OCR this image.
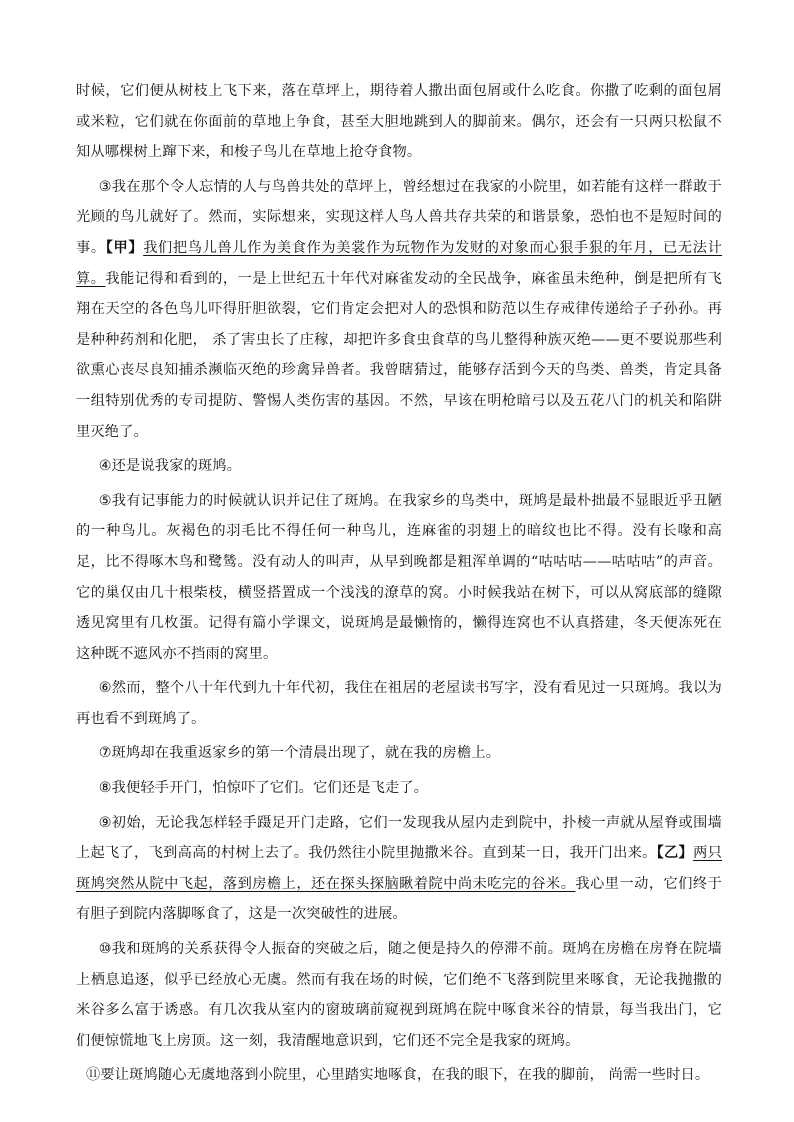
时候，它们便从树枝上飞下来，落在草坪上，期待着人撒出面包屑或什么吃食。你撒了吃剩的面包屑或米粒，它们就在你面前的草地上争食，甚至大胆地跳到人的脚前来。偶尔，还会有一只两只松鼠不知从哪棵树上蹿下来，和梭子鸟儿在草地上抢夺食物。

③我在那个令人忘情的人与鸟兽共处的草坪上，曾经想过在我家的小院里，如若能有这样一群敢于光顾的鸟儿就好了。然而，实际想来，实现这样人鸟人兽共存共荣的和谐景象，恐怕也不是短时间的事。【甲】我们把鸟儿兽儿作为美食作为美裳作为玩物作为发财的对象而心狠手狠的年月，已无法计算。我能记得和看到的，一是上世纪五十年代对麻雀发动的全民战争，麻雀虽未绝种，倒是把所有飞翔在天空的各色鸟儿吓得肝胆欲裂，它们肯定会把对人的恐惧和防范以生存戒律传递给子子孙孙。再是种种药剂和化肥， 杀了害虫长了庄稼，却把许多食虫食草的鸟儿整得种族灭绝——更不要说那些利欲熏心丧尽良知捕杀濒临灭绝的珍禽异兽者。我曾瞎猜过，能够存活到今天的鸟类、兽类，肯定具备一组特别优秀的专司提防、警惕人类伤害的基因。不然，早该在明枪暗弓以及五花八门的机关和陷阱里灭绝了。

④还是说我家的斑鸠。

⑤我有记事能力的时候就认识并记住了斑鸠。在我家乡的鸟类中，斑鸠是最朴拙最不显眼近乎丑陋的一种鸟儿。灰褐色的羽毛比不得任何一种鸟儿，连麻雀的羽翅上的暗纹也比不得。没有长喙和高足，比不得啄木鸟和鹭鸶。没有动人的叫声，从早到晚都是粗浑单调的“咕咕咕——咕咕咕”的声音。它的巢仅由几十根柴枝，横竖搭置成一个浅浅的潦草的窝。小时候我站在树下，可以从窝底部的缝隙透见窝里有几枚蛋。记得有篇小学课文，说斑鸠是最懒惰的，懒得连窝也不认真搭建，冬天便冻死在这种既不遮风亦不挡雨的窝里。

⑥然而，整个八十年代到九十年代初，我住在祖居的老屋读书写字，没有看见过一只斑鸠。我以为再也看不到斑鸠了。

⑦斑鸠却在我重返家乡的第一个清晨出现了，就在我的房檐上。

⑧我便轻手开门，怕惊吓了它们。它们还是飞走了。

⑨初始，无论我怎样轻手蹑足开门走路，它们一发现我从屋内走到院中，扑棱一声就从屋脊或围墙上起飞了，飞到高高的村树上去了。我仍然往小院里抛撒米谷。直到某一日，我开门出来。【乙】两只斑鸠突然从院中飞起，落到房檐上，还在探头探脑瞅着院中尚未吃完的谷米。我心里一动，它们终于有胆子到院内落脚啄食了，这是一次突破性的进展。

⑩我和斑鸠的关系获得令人振奋的突破之后，随之便是持久的停滞不前。斑鸠在房檐在房脊在院墙上栖息追逐，似乎已经放心无虞。然而有我在场的时候，它们绝不飞落到院里来啄食，无论我抛撒的米谷多么富于诱惑。有几次我从室内的窗玻璃前窥视到斑鸠在院中啄食米谷的情景，每当我出门，它们便惊慌地飞上房顶。这一刻，我清醒地意识到，它们还不完全是我家的斑鸠。

⑪要让斑鸠随心无虞地落到小院里，心里踏实地啄食，在我的眼下，在我的脚前， 尚需一些时日。
